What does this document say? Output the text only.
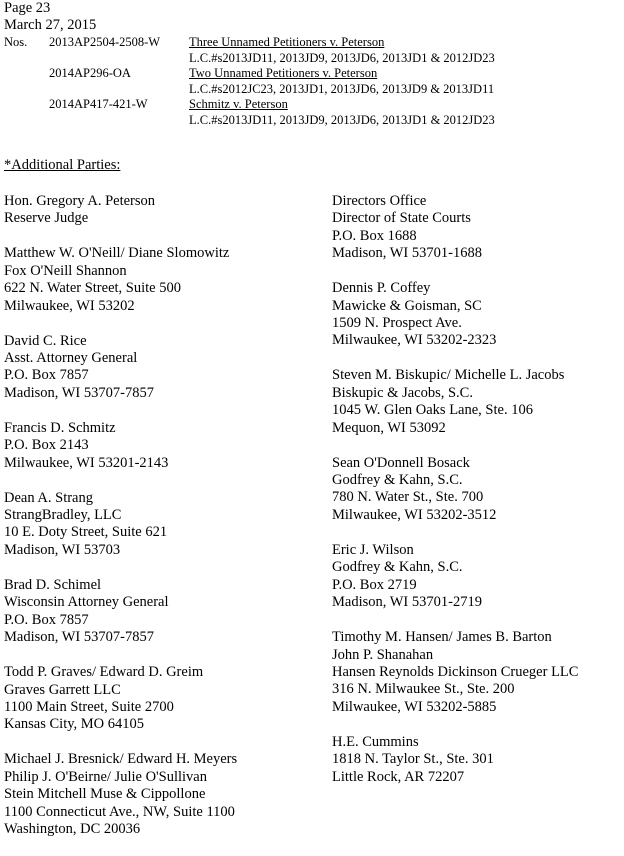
Page 23
March 27, 2015
Nos.	2013AP2504-2508-W	Three Unnamed Petitioners v. Peterson
L.C.#s2013JD11, 2013JD9, 2013JD6, 2013JD1 & 2012JD23
2014AP296-OA	Two Unnamed Petitioners v. Peterson
L.C.#s2012JC23, 2013JD1, 2013JD6, 2013JD9 & 2013JD11
2014AP417-421-W	Schmitz v. Peterson
L.C.#s2013JD11, 2013JD9, 2013JD6, 2013JD1 & 2012JD23
*Additional Parties:
Hon. Gregory A. Peterson
Reserve Judge
Matthew W. O'Neill/ Diane Slomowitz
Fox O'Neill Shannon
622 N. Water Street, Suite 500
Milwaukee, WI 53202
David C. Rice
Asst. Attorney General
P.O. Box 7857
Madison, WI 53707-7857
Francis D. Schmitz
P.O. Box 2143
Milwaukee, WI 53201-2143
Dean A. Strang
StrangBradley, LLC
10 E. Doty Street, Suite 621
Madison, WI 53703
Brad D. Schimel
Wisconsin Attorney General
P.O. Box 7857
Madison, WI 53707-7857
Todd P. Graves/ Edward D. Greim
Graves Garrett LLC
1100 Main Street, Suite 2700
Kansas City, MO 64105
Michael J. Bresnick/ Edward H. Meyers
Philip J. O'Beirne/ Julie O'Sullivan
Stein Mitchell Muse & Cippollone
1100 Connecticut Ave., NW, Suite 1100
Washington, DC 20036
Directors Office
Director of State Courts
P.O. Box 1688
Madison, WI 53701-1688
Dennis P. Coffey
Mawicke & Goisman, SC
1509 N. Prospect Ave.
Milwaukee, WI 53202-2323
Steven M. Biskupic/ Michelle L. Jacobs
Biskupic & Jacobs, S.C.
1045 W. Glen Oaks Lane, Ste. 106
Mequon, WI 53092
Sean O'Donnell Bosack
Godfrey & Kahn, S.C.
780 N. Water St., Ste. 700
Milwaukee, WI 53202-3512
Eric J. Wilson
Godfrey & Kahn, S.C.
P.O. Box 2719
Madison, WI 53701-2719
Timothy M. Hansen/ James B. Barton
John P. Shanahan
Hansen Reynolds Dickinson Crueger LLC
316 N. Milwaukee St., Ste. 200
Milwaukee, WI 53202-5885
H.E. Cummins
1818 N. Taylor St., Ste. 301
Little Rock, AR 72207
